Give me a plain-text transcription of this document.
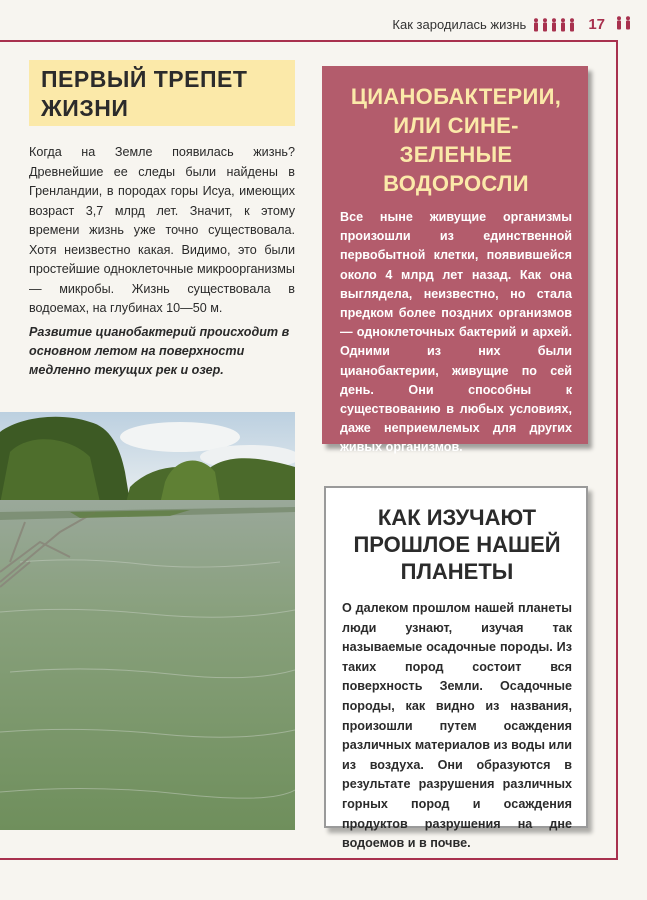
Как зародилась жизнь	17
ПЕРВЫЙ ТРЕПЕТ ЖИЗНИ

Когда на Земле появилась жизнь? Древнейшие ее следы были найдены в Гренландии, в породах горы Исуа, имеющих возраст 3,7 млрд лет. Значит, к этому времени жизнь уже точно существовала. Хотя неизвестно какая. Видимо, это были простейшие одноклеточные микроорганизмы — микробы. Жизнь существовала в водоемах, на глубинах 10—50 м.

Развитие цианобактерий происходит в основном летом на поверхности медленно текущих рек и озер.

ЦИАНОБАКТЕРИИ, ИЛИ СИНЕ-ЗЕЛЕНЫЕ ВОДОРОСЛИ

Все ныне живущие организмы произошли из единственной первобытной клетки, появившейся около 4 млрд лет назад. Как она выглядела, неизвестно, но стала предком более поздних организмов — одноклеточных бактерий и архей. Одними из них были цианобактерии, живущие по сей день. Они способны к существованию в любых условиях, даже неприемлемых для других живых организмов.

КАК ИЗУЧАЮТ ПРОШЛОЕ НАШЕЙ ПЛАНЕТЫ

О далеком прошлом нашей планеты люди узнают, изучая так называемые осадочные породы. Из таких пород состоит вся поверхность Земли. Осадочные породы, как видно из названия, произошли путем осаждения различных материалов из воды или из воздуха. Они образуются в результате разрушения различных горных пород и осаждения продуктов разрушения на дне водоемов и в почве.
